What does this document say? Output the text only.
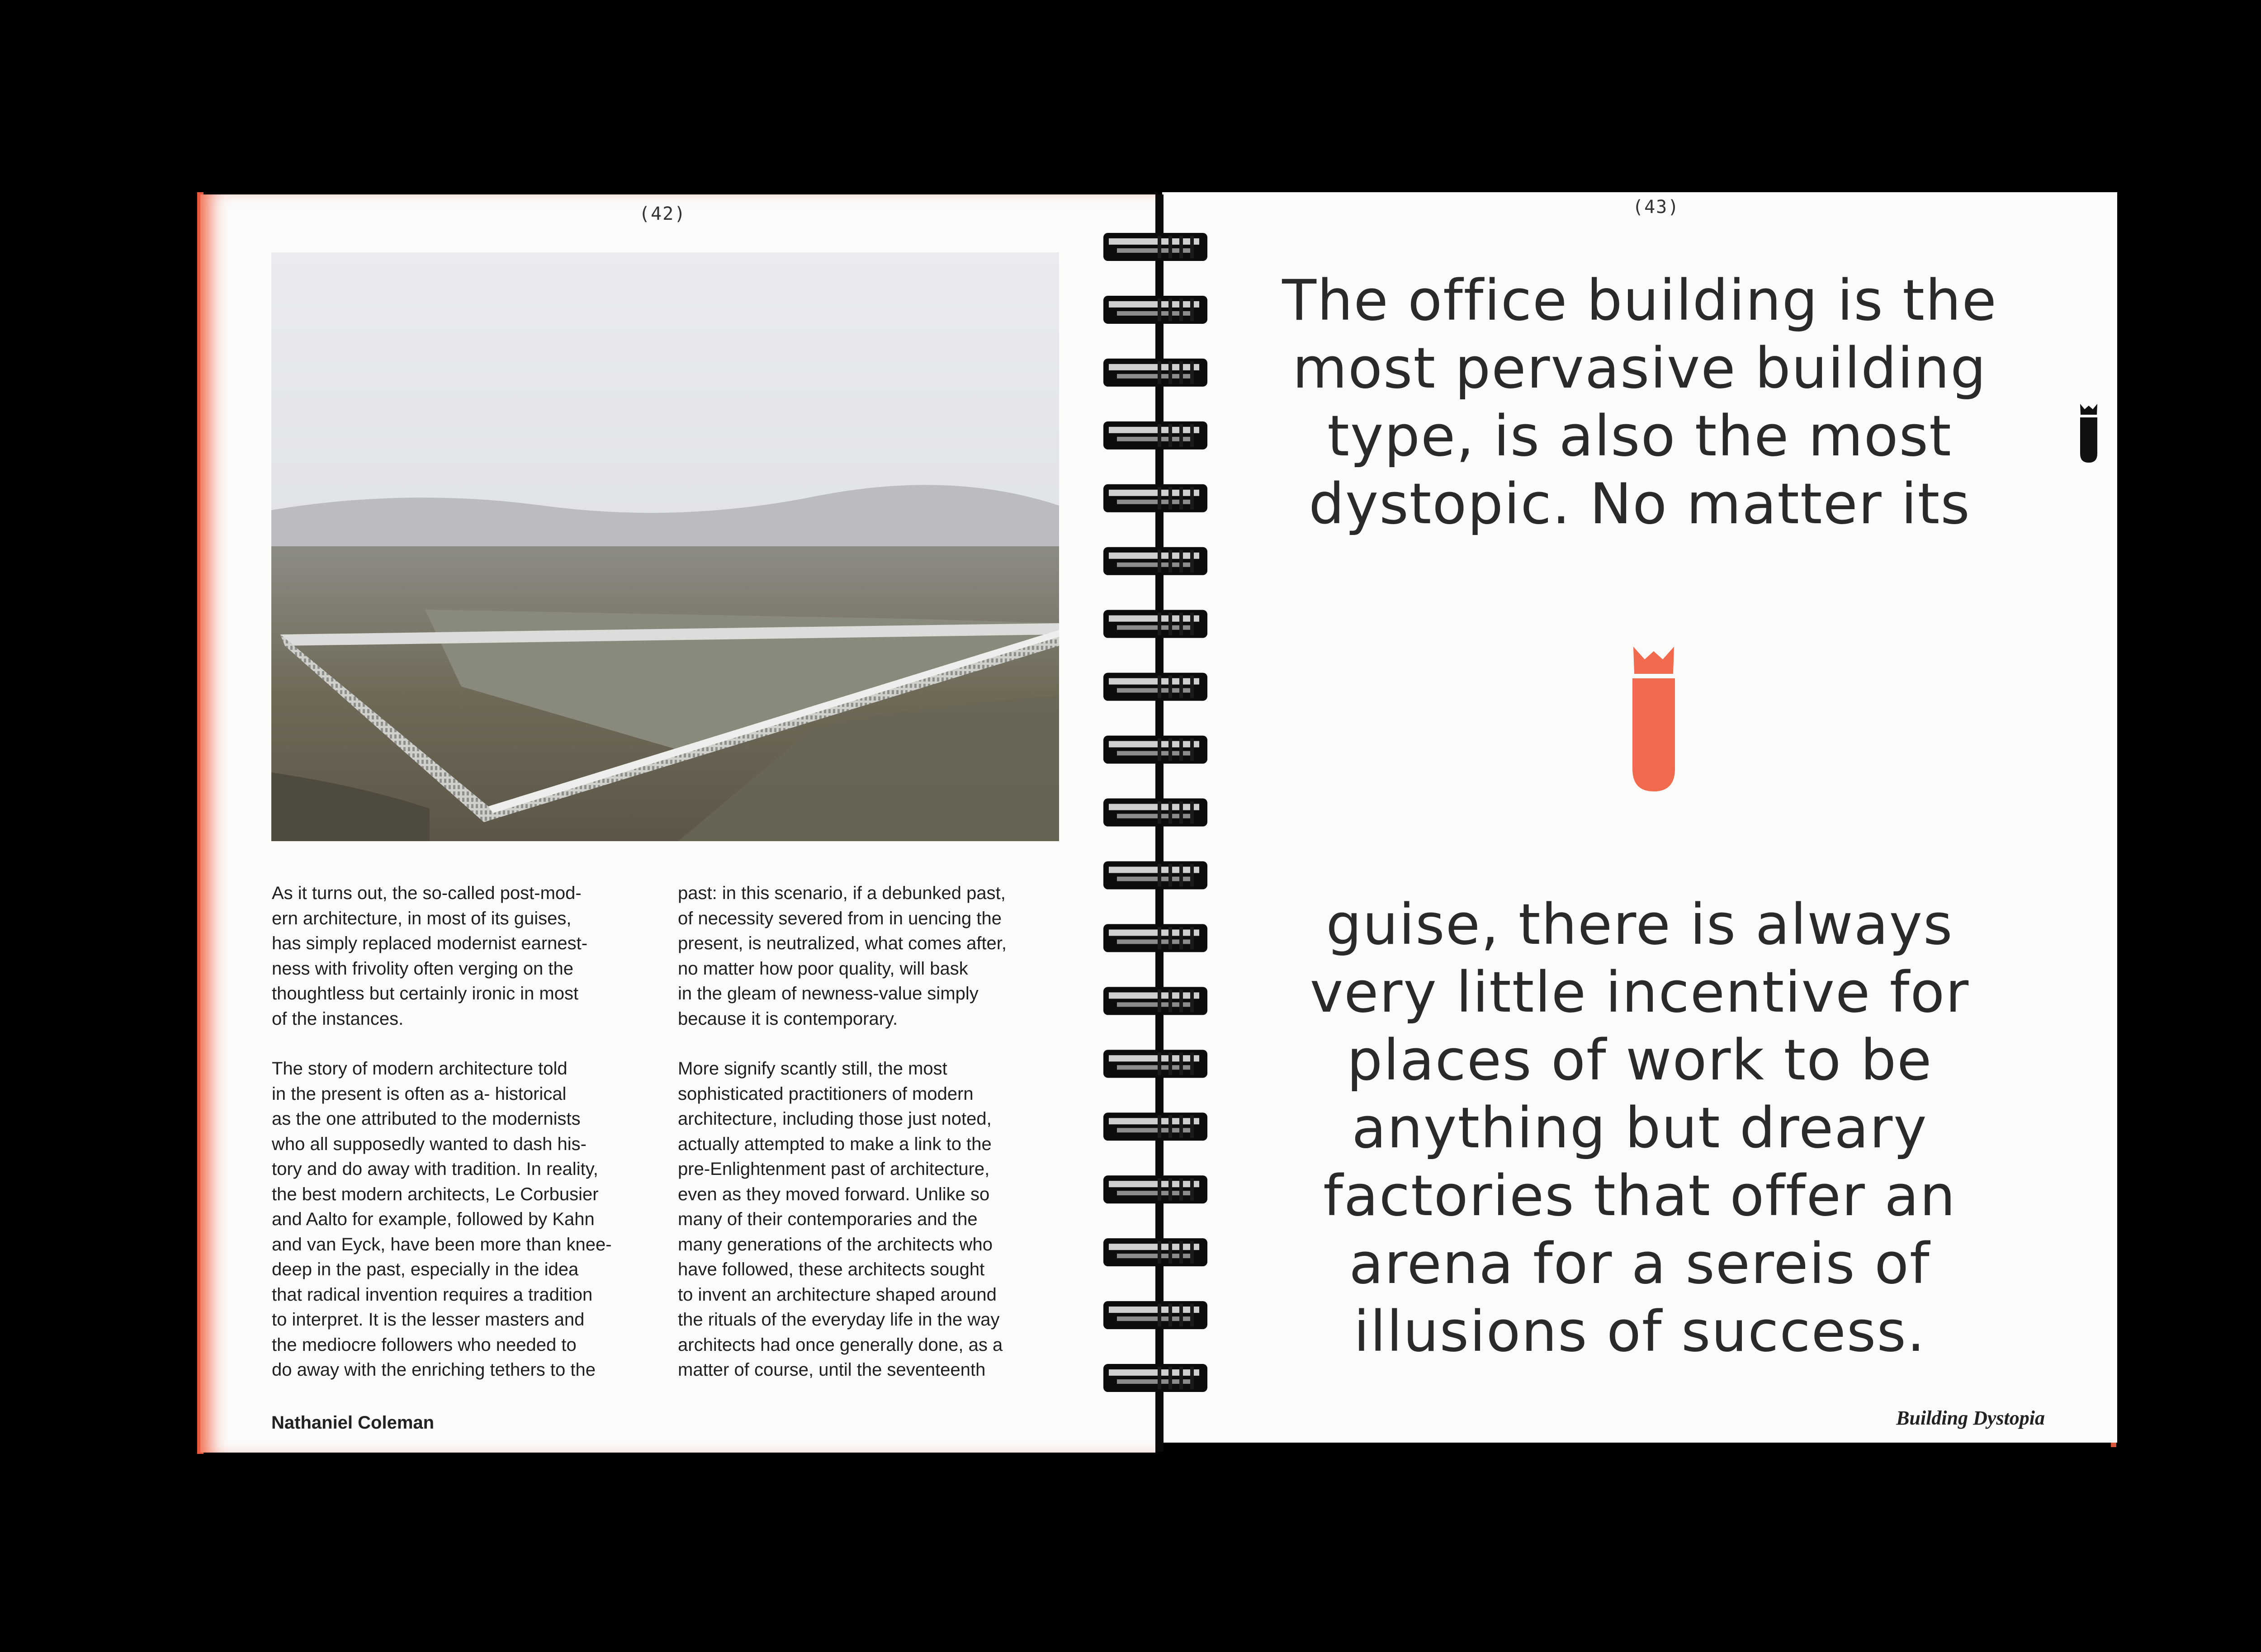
(42)

As it turns out, the so-called post-mod-
ern architecture, in most of its guises,
has simply replaced modernist earnest-
ness with frivolity often verging on the
thoughtless but certainly ironic in most
of the instances.

The story of modern architecture told
in the present is often as a- historical
as the one attributed to the modernists
who all supposedly wanted to dash his-
tory and do away with tradition. In reality,
the best modern architects, Le Corbusier
and Aalto for example, followed by Kahn
and van Eyck, have been more than knee-
deep in the past, especially in the idea
that radical invention requires a tradition
to interpret. It is the lesser masters and
the mediocre followers who needed to
do away with the enriching tethers to the

past: in this scenario, if a debunked past,
of necessity severed from in uencing the
present, is neutralized, what comes after,
no matter how poor quality, will bask
in the gleam of newness-value simply
because it is contemporary.

More signify scantly still, the most
sophisticated practitioners of modern
architecture, including those just noted,
actually attempted to make a link to the
pre-Enlightenment past of architecture,
even as they moved forward. Unlike so
many of their contemporaries and the
many generations of the architects who
have followed, these architects sought
to invent an architecture shaped around
the rituals of the everyday life in the way
architects had once generally done, as a
matter of course, until the seventeenth

Nathaniel Coleman
(43)
The office building is the
most pervasive building
type, is also the most
dystopic. No matter its
guise, there is always
very little incentive for
places of work to be
anything but dreary
factories that offer an
arena for a sereis of
illusions of success.
Building Dystopia
